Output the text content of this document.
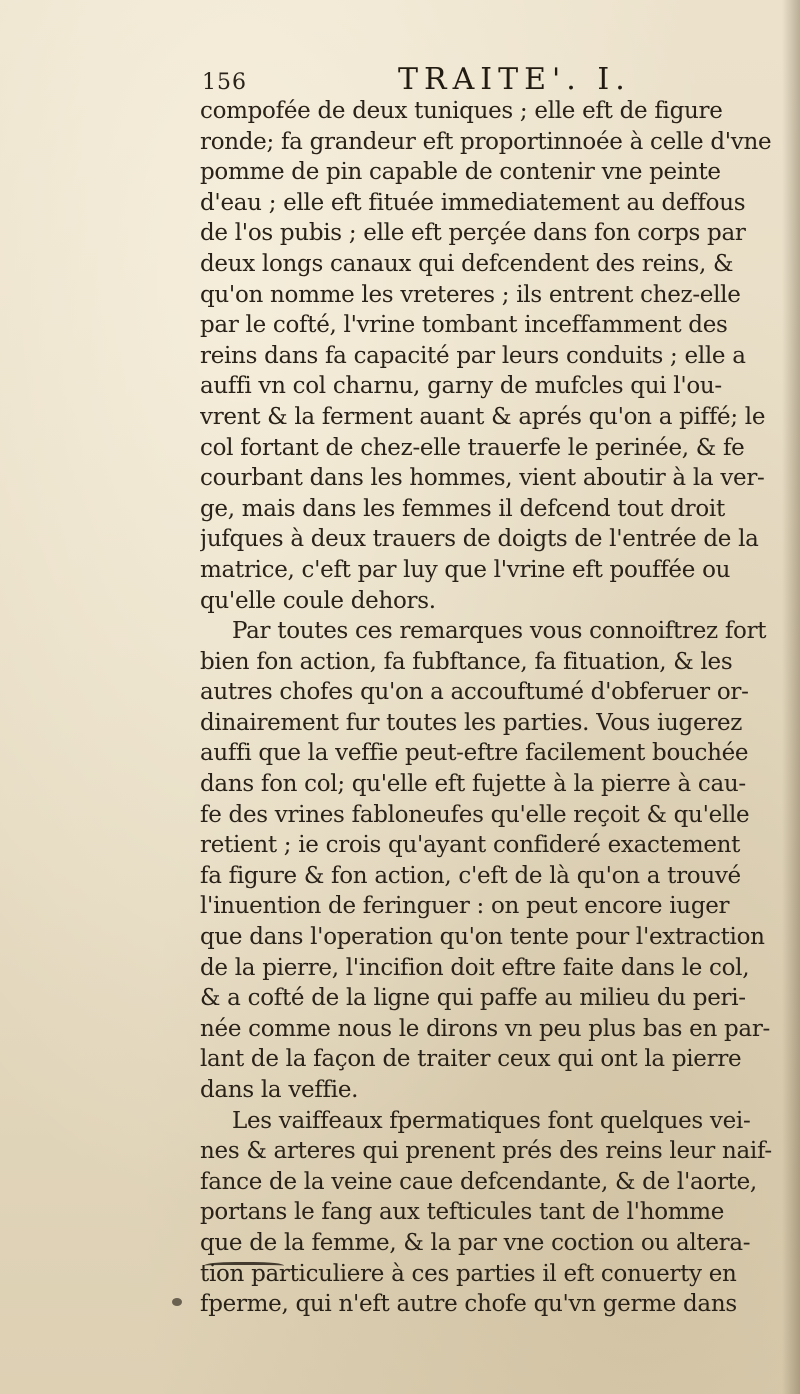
156	TRAITE'. I.
compofée de deux tuniques ; elle eft de figure
ronde; fa grandeur eft proportinnoée à celle d'vne
pomme de pin capable de contenir vne peinte
d'eau ; elle eft fituée immediatement au deffous
de l'os pubis ; elle eft perçée dans fon corps par
deux longs canaux qui defcendent des reins, &
qu'on nomme les vreteres ; ils entrent chez-elle
par le cofté, l'vrine tombant inceffamment des
reins dans fa capacité par leurs conduits ; elle a
auffi vn col charnu, garny de mufcles qui l'ou-
vrent & la ferment auant & aprés qu'on a piffé; le
col fortant de chez-elle trauerfe le perinée, & fe
courbant dans les hommes, vient aboutir à la ver-
ge, mais dans les femmes il defcend tout droit
jufques à deux trauers de doigts de l'entrée de la
matrice, c'eft par luy que l'vrine eft pouffée ou
qu'elle coule dehors.
Par toutes ces remarques vous connoiftrez fort
bien fon action, fa fubftance, fa fituation, & les
autres chofes qu'on a accouftumé d'obferuer or-
dinairement fur toutes les parties. Vous iugerez
auffi que la veffie peut-eftre facilement bouchée
dans fon col; qu'elle eft fujette à la pierre à cau-
fe des vrines fabloneufes qu'elle reçoit & qu'elle
retient ; ie crois qu'ayant confideré exactement
fa figure & fon action, c'eft de là qu'on a trouvé
l'inuention de feringuer : on peut encore iuger
que dans l'operation qu'on tente pour l'extraction
de la pierre, l'incifion doit eftre faite dans le col,
& a cofté de la ligne qui paffe au milieu du peri-
née comme nous le dirons vn peu plus bas en par-
lant de la façon de traiter ceux qui ont la pierre
dans la veffie.
Les vaiffeaux fpermatiques font quelques vei-
nes & arteres qui prenent prés des reins leur naif-
fance de la veine caue defcendante, & de l'aorte,
portans le fang aux tefticules tant de l'homme
que de la femme, & la par vne coction ou altera-
tion particuliere à ces parties il eft conuerty en
fperme, qui n'eft autre chofe qu'vn germe dans
